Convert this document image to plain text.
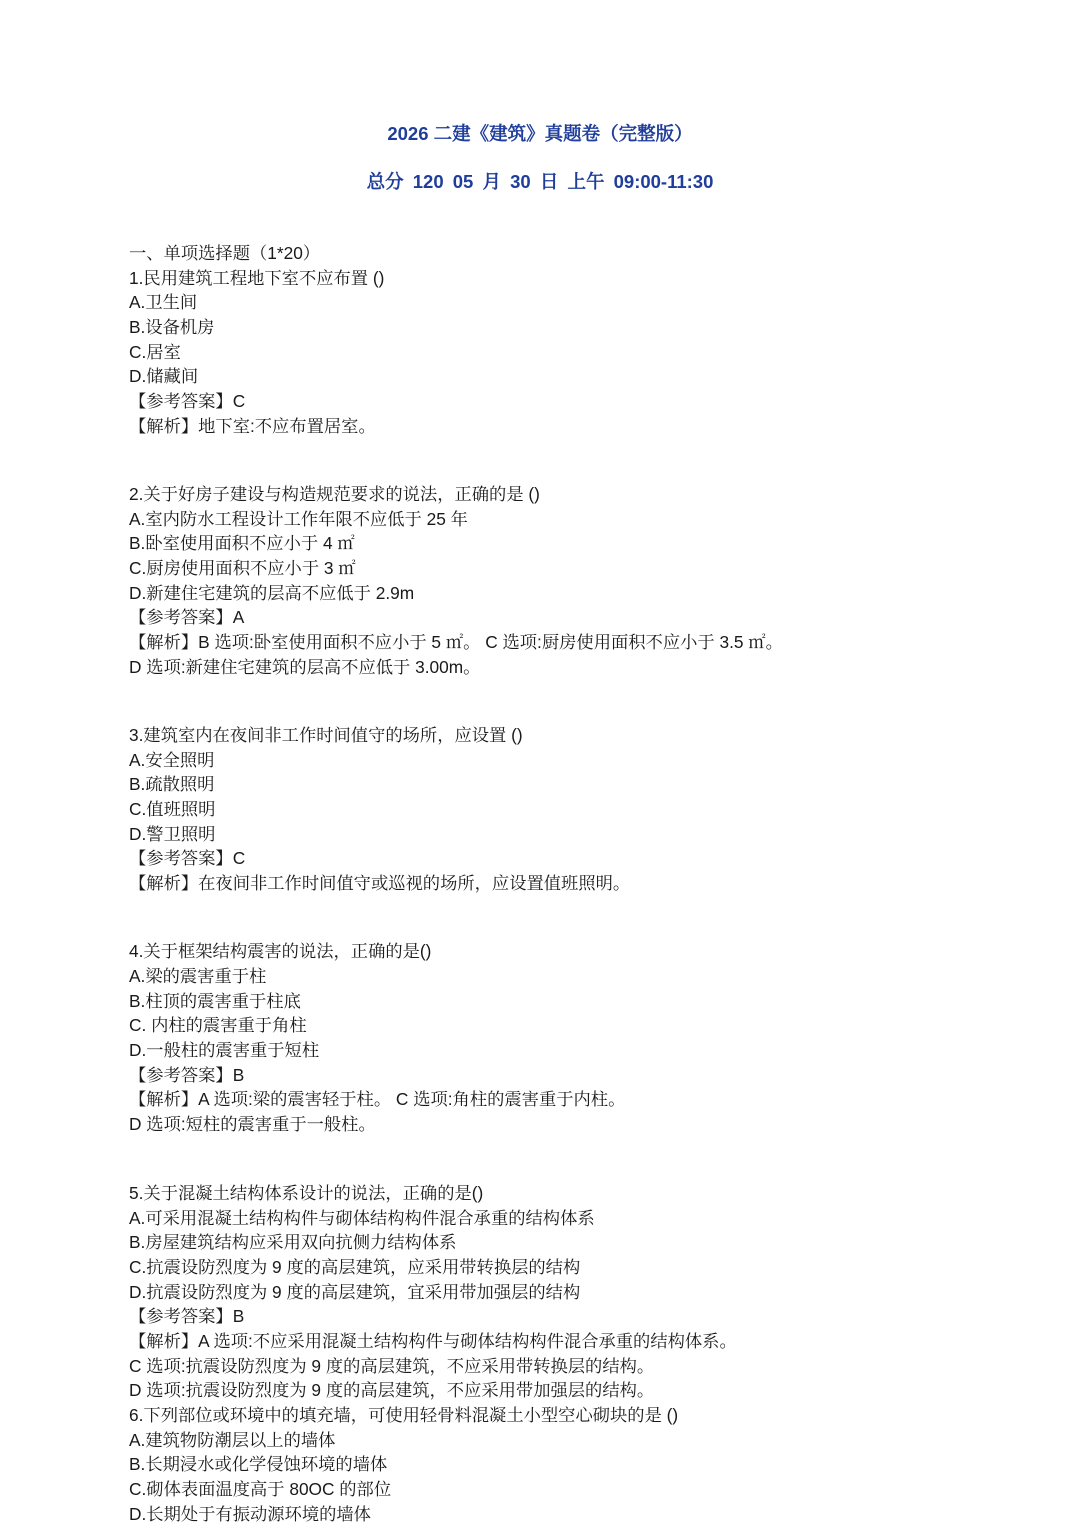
2026 二建《建筑》真题卷（完整版）
总分 120 05 月 30 日 上午 09:00-11:30
一、单项选择题（1*20）
1.民用建筑工程地下室不应布置 ()
A.卫生间
B.设备机房
C.居室
D.储藏间
【参考答案】C
【解析】地下室:不应布置居室。
2.关于好房子建设与构造规范要求的说法，正确的是 ()
A.室内防水工程设计工作年限不应低于 25 年
B.卧室使用面积不应小于 4 ㎡
C.厨房使用面积不应小于 3 ㎡
D.新建住宅建筑的层高不应低于 2.9m
【参考答案】A
【解析】B 选项:卧室使用面积不应小于 5 ㎡。 C 选项:厨房使用面积不应小于 3.5 ㎡。
D 选项:新建住宅建筑的层高不应低于 3.00m。
3.建筑室内在夜间非工作时间值守的场所，应设置 ()
A.安全照明
B.疏散照明
C.值班照明
D.警卫照明
【参考答案】C
【解析】在夜间非工作时间值守或巡视的场所，应设置值班照明。
4.关于框架结构震害的说法，正确的是()
A.梁的震害重于柱
B.柱顶的震害重于柱底
C. 内柱的震害重于角柱
D.一般柱的震害重于短柱
【参考答案】B
【解析】A 选项:梁的震害轻于柱。 C 选项:角柱的震害重于内柱。
D 选项:短柱的震害重于一般柱。
5.关于混凝土结构体系设计的说法，正确的是()
A.可采用混凝土结构构件与砌体结构构件混合承重的结构体系
B.房屋建筑结构应采用双向抗侧力结构体系
C.抗震设防烈度为 9 度的高层建筑，应采用带转换层的结构
D.抗震设防烈度为 9 度的高层建筑，宜采用带加强层的结构
【参考答案】B
【解析】A 选项:不应采用混凝土结构构件与砌体结构构件混合承重的结构体系。
C 选项:抗震设防烈度为 9 度的高层建筑，不应采用带转换层的结构。
D 选项:抗震设防烈度为 9 度的高层建筑，不应采用带加强层的结构。
6.下列部位或环境中的填充墙，可使用轻骨料混凝土小型空心砌块的是 ()
A.建筑物防潮层以上的墙体
B.长期浸水或化学侵蚀环境的墙体
C.砌体表面温度高于 80OC 的部位
D.长期处于有振动源环境的墙体
